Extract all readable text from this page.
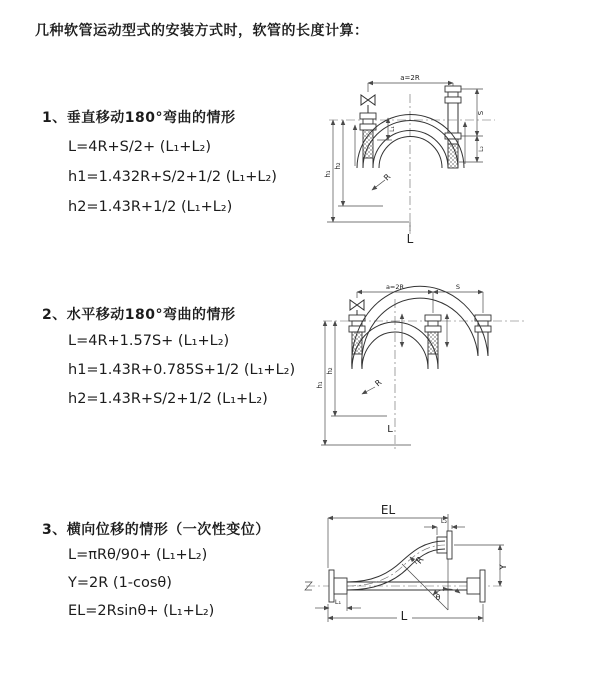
几种软管运动型式的安装方式时，软管的长度计算：
1、垂直移动180°弯曲的情形
L=4R+S/2+ (L₁+L₂)
h1=1.432R+S/2+1/2 (L₁+L₂)
h2=1.43R+1/2 (L₁+L₂)
2、水平移动180°弯曲的情形
L=4R+1.57S+ (L₁+L₂)
h1=1.43R+0.785S+1/2 (L₁+L₂)
h2=1.43R+S/2+1/2 (L₁+L₂)
3、横向位移的情形（一次性变位）
L=πRθ/90+ (L₁+L₂)
Y=2R (1-cosθ)
EL=2Rsinθ+ (L₁+L₂)
a=2R
R
L
h₁
h₂
L₁
S
L₂
a=2R	S
R
L
h₁
h₂
EL
L₂
Y
R
θ
L₁
L
